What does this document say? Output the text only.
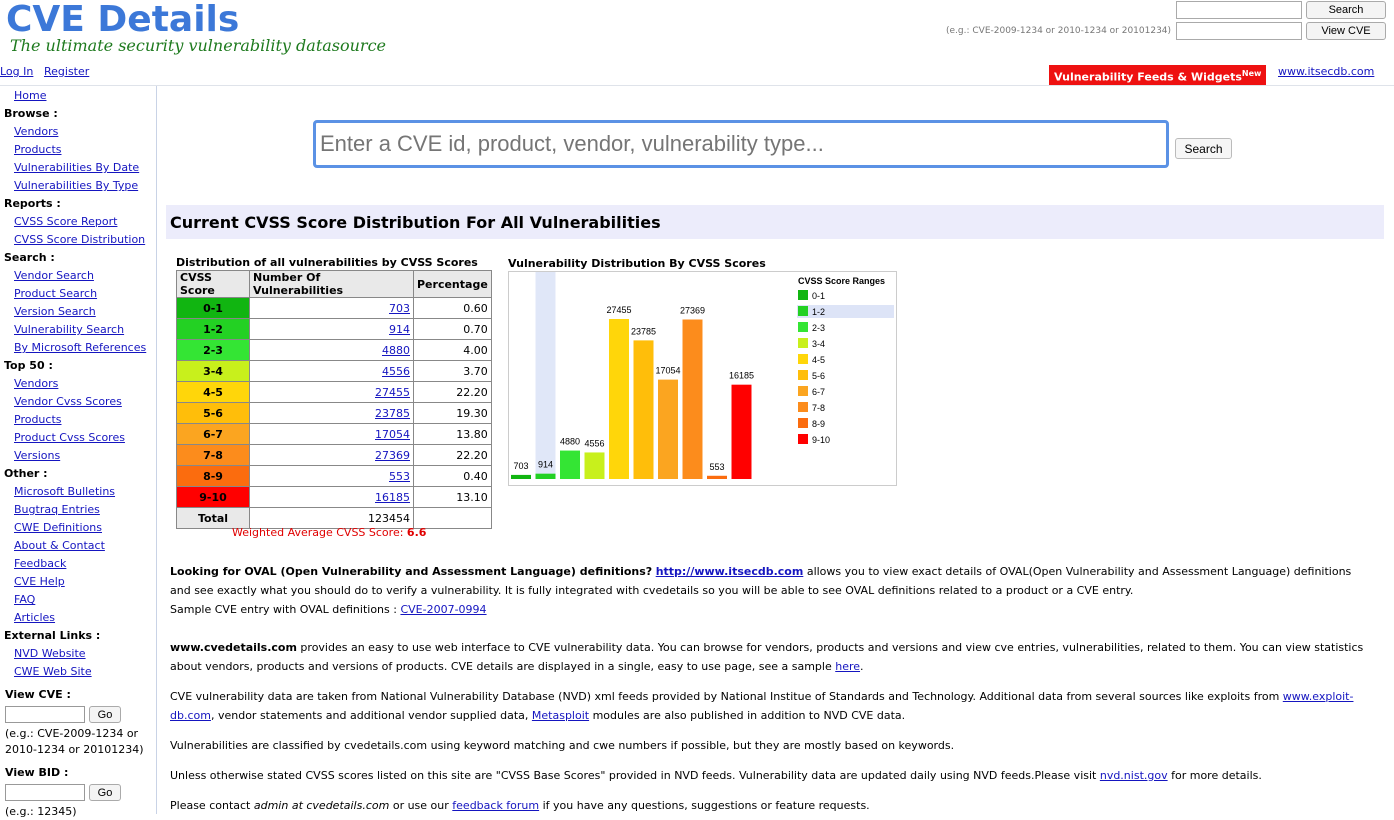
CVE Details
The ultimate security vulnerability datasource
Search
(e.g.: CVE-2009-1234 or 2010-1234 or 20101234)	View CVE
Log In Register	Vulnerability Feeds & Widgets$^{New}$	www.itsecdb.com
Home
Browse :
Vendors
Products
Vulnerabilities By Date
Vulnerabilities By Type
Reports :
CVSS Score Report
CVSS Score Distribution
Search :
Vendor Search
Product Search
Version Search
Vulnerability Search
By Microsoft References
Top 50 :
Vendors
Vendor Cvss Scores
Products
Product Cvss Scores
Versions
Other :
Microsoft Bulletins
Bugtraq Entries
CWE Definitions
About & Contact
Feedback
CVE Help
FAQ
Articles
External Links :
NVD Website
CWE Web Site
View CVE :
Go
(e.g.: CVE-2009-1234 or
2010-1234 or 20101234)
View BID :
Go
(e.g.: 12345)
Enter a CVE id, product, vendor, vulnerability type...
Search
Current CVSS Score Distribution For All Vulnerabilities
Distribution of all vulnerabilities by CVSS Scores
CVSS Score	Number Of Vulnerabilities	Percentage
0-1	703	0.60
1-2	914	0.70
2-3	4880	4.00
3-4	4556	3.70
4-5	27455	22.20
5-6	23785	19.30
6-7	17054	13.80
7-8	27369	22.20
8-9	553	0.40
9-10	16185	13.10
Total	123454	
Weighted Average CVSS Score: 6.6
Vulnerability Distribution By CVSS Scores
703 914
4880 4556
27455
23785
17054
27369
553
16185
CVSS Score Ranges
0-1
1-2
2-3
3-4
4-5
5-6
6-7
7-8
8-9
9-10
Looking for OVAL (Open Vulnerability and Assessment Language) definitions? http://www.itsecdb.com allows you to view exact details of OVAL(Open Vulnerability and Assessment Language) definitions
and see exactly what you should do to verify a vulnerability. It is fully integrated with cvedetails so you will be able to see OVAL definitions related to a product or a CVE entry.
Sample CVE entry with OVAL definitions : CVE-2007-0994
www.cvedetails.com provides an easy to use web interface to CVE vulnerability data. You can browse for vendors, products and versions and view cve entries, vulnerabilities, related to them. You can view statistics
about vendors, products and versions of products. CVE details are displayed in a single, easy to use page, see a sample here.
CVE vulnerability data are taken from National Vulnerability Database (NVD) xml feeds provided by National Institue of Standards and Technology. Additional data from several sources like exploits from www.exploit-
db.com, vendor statements and additional vendor supplied data, Metasploit modules are also published in addition to NVD CVE data.
Vulnerabilities are classified by cvedetails.com using keyword matching and cwe numbers if possible, but they are mostly based on keywords.
Unless otherwise stated CVSS scores listed on this site are "CVSS Base Scores" provided in NVD feeds. Vulnerability data are updated daily using NVD feeds.Please visit nvd.nist.gov for more details.
Please contact admin at cvedetails.com or use our feedback forum if you have any questions, suggestions or feature requests.
